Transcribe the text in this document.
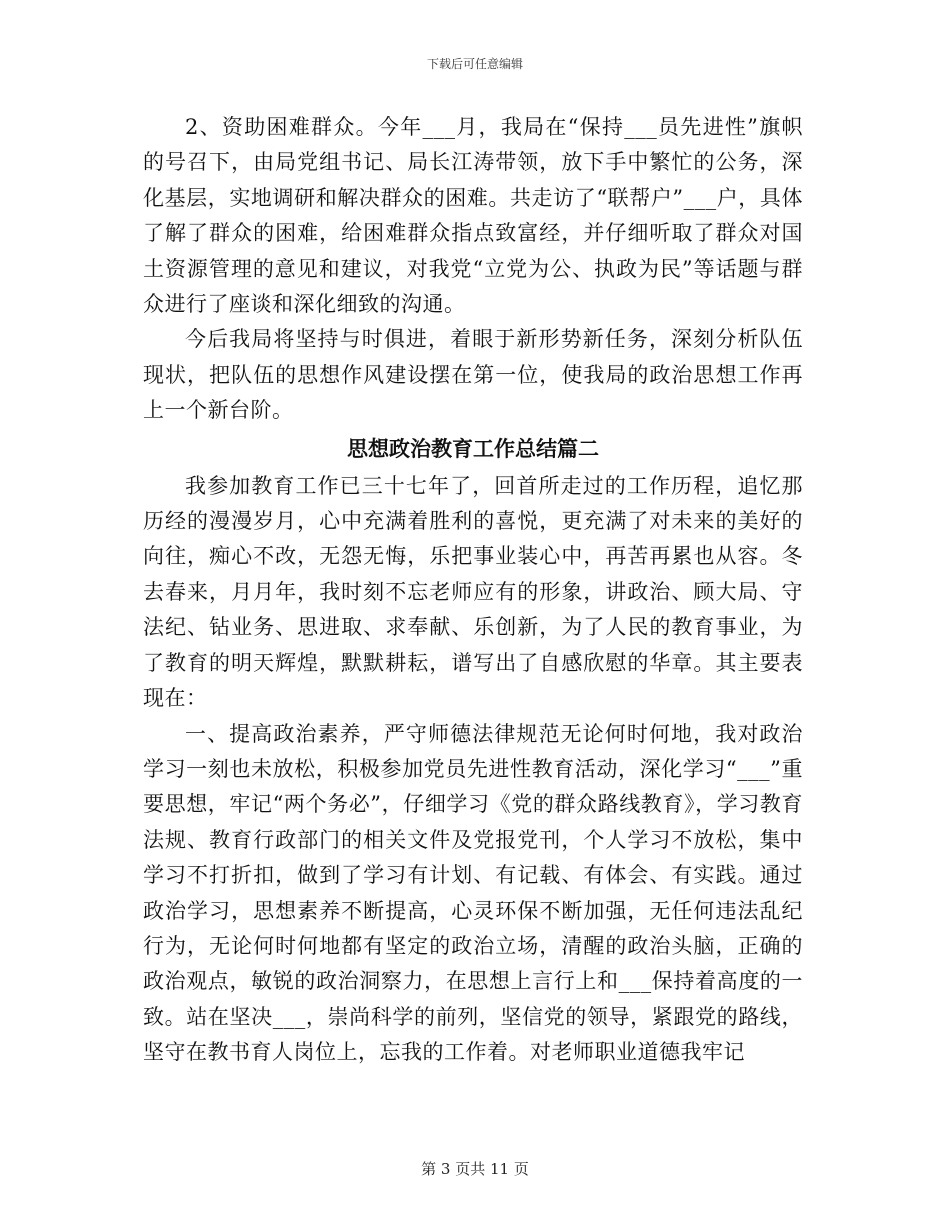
下载后可任意编辑

2、资助困难群众。今年___月，我局在“保持___员先进性”旗帜的号召下，由局党组书记、局长江涛带领，放下手中繁忙的公务，深化基层，实地调研和解决群众的困难。共走访了“联帮户”___户，具体了解了群众的困难，给困难群众指点致富经，并仔细听取了群众对国土资源管理的意见和建议，对我党“立党为公、执政为民”等话题与群众进行了座谈和深化细致的沟通。

今后我局将坚持与时俱进，着眼于新形势新任务，深刻分析队伍现状，把队伍的思想作风建设摆在第一位，使我局的政治思想工作再上一个新台阶。

思想政治教育工作总结篇二

我参加教育工作已三十七年了，回首所走过的工作历程，追忆那历经的漫漫岁月，心中充满着胜利的喜悦，更充满了对未来的美好的向往，痴心不改，无怨无悔，乐把事业装心中，再苦再累也从容。冬去春来，月月年，我时刻不忘老师应有的形象，讲政治、顾大局、守法纪、钻业务、思进取、求奉献、乐创新，为了人民的教育事业，为了教育的明天辉煌，默默耕耘，谱写出了自感欣慰的华章。其主要表现在：

一、提高政治素养，严守师德法律规范无论何时何地，我对政治学习一刻也未放松，积极参加党员先进性教育活动，深化学习“___”重要思想，牢记“两个务必”，仔细学习《党的群众路线教育》，学习教育法规、教育行政部门的相关文件及党报党刊，个人学习不放松，集中学习不打折扣，做到了学习有计划、有记载、有体会、有实践。通过政治学习，思想素养不断提高，心灵环保不断加强，无任何违法乱纪行为，无论何时何地都有坚定的政治立场，清醒的政治头脑，正确的政治观点，敏锐的政治洞察力，在思想上言行上和___保持着高度的一致。站在坚决___，崇尚科学的前列，坚信党的领导，紧跟党的路线，坚守在教书育人岗位上，忘我的工作着。对老师职业道德我牢记

第 3 页共 11 页
